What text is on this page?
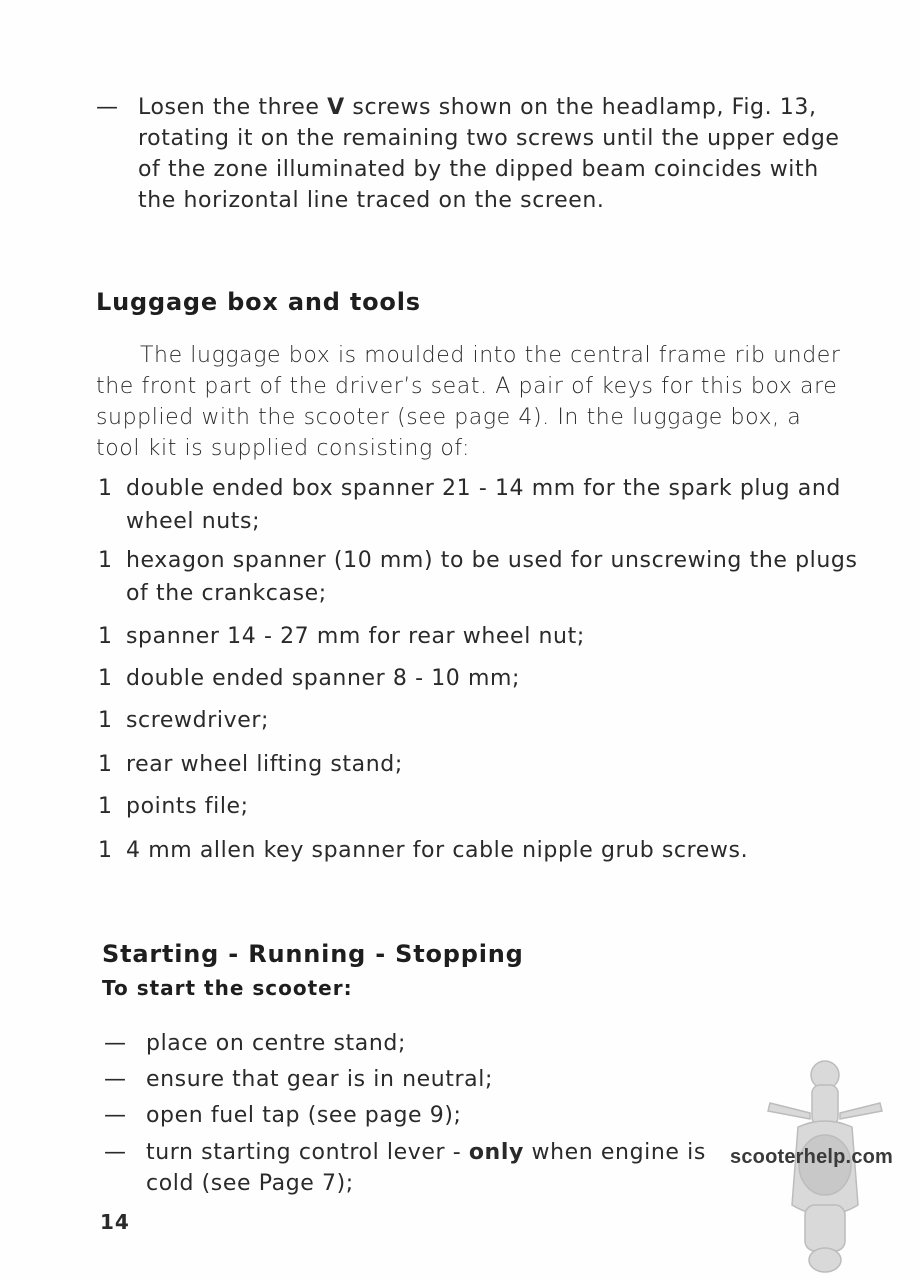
— Losen the three V screws shown on the headlamp, Fig. 13, rotating it on the remaining two screws until the upper edge of the zone illuminated by the dipped beam coincides with the horizontal line traced on the screen.
Luggage box and tools
The luggage box is moulded into the central frame rib under the front part of the driver’s seat. A pair of keys for this box are supplied with the scooter (see page 4). In the luggage box, a tool kit is supplied consisting of:
1 double ended box spanner 21 - 14 mm for the spark plug and wheel nuts;
1 hexagon spanner (10 mm) to be used for unscrewing the plugs of the crankcase;
1 spanner 14 - 27 mm for rear wheel nut;
1 double ended spanner 8 - 10 mm;
1 screwdriver;
1 rear wheel lifting stand;
1 points file;
1 4 mm allen key spanner for cable nipple grub screws.
Starting - Running - Stopping
To start the scooter:
— place on centre stand;
— ensure that gear is in neutral;
— open fuel tap (see page 9);
— turn starting control lever - only when engine is cold (see Page 7);
scooterhelp.com
14
